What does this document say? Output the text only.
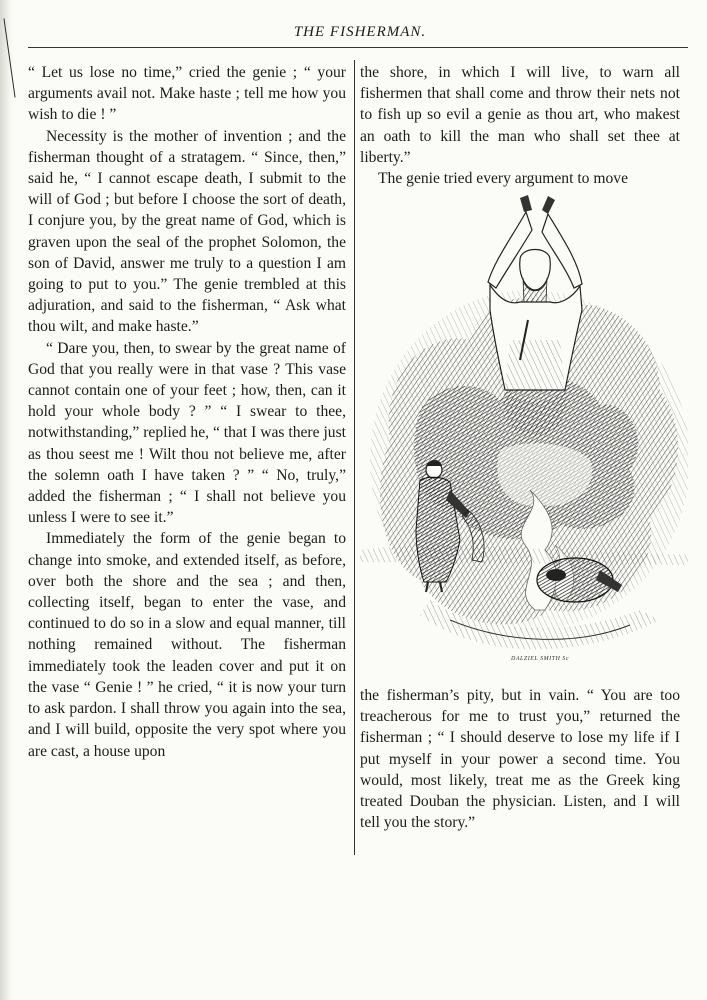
THE FISHERMAN.

“ Let us lose no time,” cried the genie ; “ your arguments avail not. Make haste ; tell me how you wish to die ! ”

Necessity is the mother of invention ; and the fisherman thought of a stratagem. “ Since, then,” said he, “ I cannot escape death, I submit to the will of God ; but before I choose the sort of death, I conjure you, by the great name of God, which is graven upon the seal of the prophet Solomon, the son of David, answer me truly to a question I am going to put to you.” The genie trembled at this adjuration, and said to the fisherman, “ Ask what thou wilt, and make haste.”

“ Dare you, then, to swear by the great name of God that you really were in that vase ? This vase cannot contain one of your feet ; how, then, can it hold your whole body ? ” “ I swear to thee, notwithstanding,” replied he, “ that I was there just as thou seest me ! Wilt thou not believe me, after the solemn oath I have taken ? ” “ No, truly,” added the fisherman ; “ I shall not believe you unless I were to see it.”

Immediately the form of the genie began to change into smoke, and extended itself, as before, over both the shore and the sea ; and then, collecting itself, began to enter the vase, and continued to do so in a slow and equal manner, till nothing remained without. The fisherman immediately took the leaden cover and put it on the vase “ Genie ! ” he cried, “ it is now your turn to ask pardon. I shall throw you again into the sea, and I will build, opposite the very spot where you are cast, a house upon

the shore, in which I will live, to warn all fishermen that shall come and throw their nets not to fish up so evil a genie as thou art, who makest an oath to kill the man who shall set thee at liberty.”

The genie tried every argument to move

DALZIEL SMITH Sc

the fisherman’s pity, but in vain. “ You are too treacherous for me to trust you,” returned the fisherman ; “ I should deserve to lose my life if I put myself in your power a second time. You would, most likely, treat me as the Greek king treated Douban the physician. Listen, and I will tell you the story.”
